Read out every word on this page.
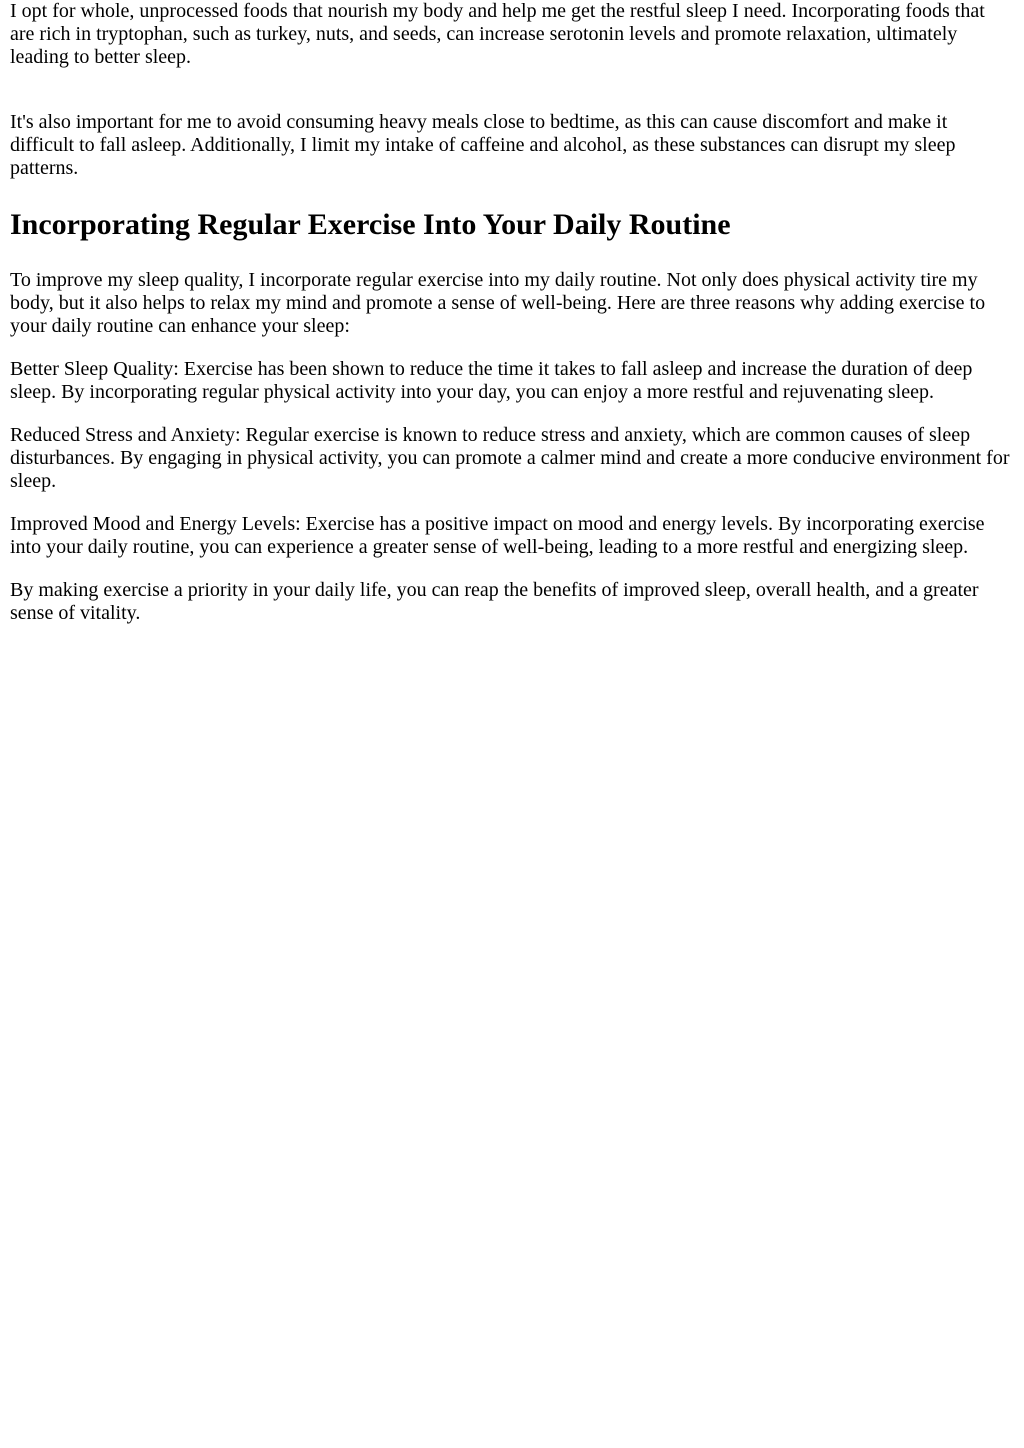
I opt for whole, unprocessed foods that nourish my body and help me get the restful sleep I need. Incorporating foods that are rich in tryptophan, such as turkey, nuts, and seeds, can increase serotonin levels and promote relaxation, ultimately leading to better sleep.

It's also important for me to avoid consuming heavy meals close to bedtime, as this can cause discomfort and make it difficult to fall asleep. Additionally, I limit my intake of caffeine and alcohol, as these substances can disrupt my sleep patterns.

Incorporating Regular Exercise Into Your Daily Routine

To improve my sleep quality, I incorporate regular exercise into my daily routine. Not only does physical activity tire my body, but it also helps to relax my mind and promote a sense of well-being. Here are three reasons why adding exercise to your daily routine can enhance your sleep:

Better Sleep Quality: Exercise has been shown to reduce the time it takes to fall asleep and increase the duration of deep sleep. By incorporating regular physical activity into your day, you can enjoy a more restful and rejuvenating sleep.

Reduced Stress and Anxiety: Regular exercise is known to reduce stress and anxiety, which are common causes of sleep disturbances. By engaging in physical activity, you can promote a calmer mind and create a more conducive environment for sleep.

Improved Mood and Energy Levels: Exercise has a positive impact on mood and energy levels. By incorporating exercise into your daily routine, you can experience a greater sense of well-being, leading to a more restful and energizing sleep.

By making exercise a priority in your daily life, you can reap the benefits of improved sleep, overall health, and a greater sense of vitality.
